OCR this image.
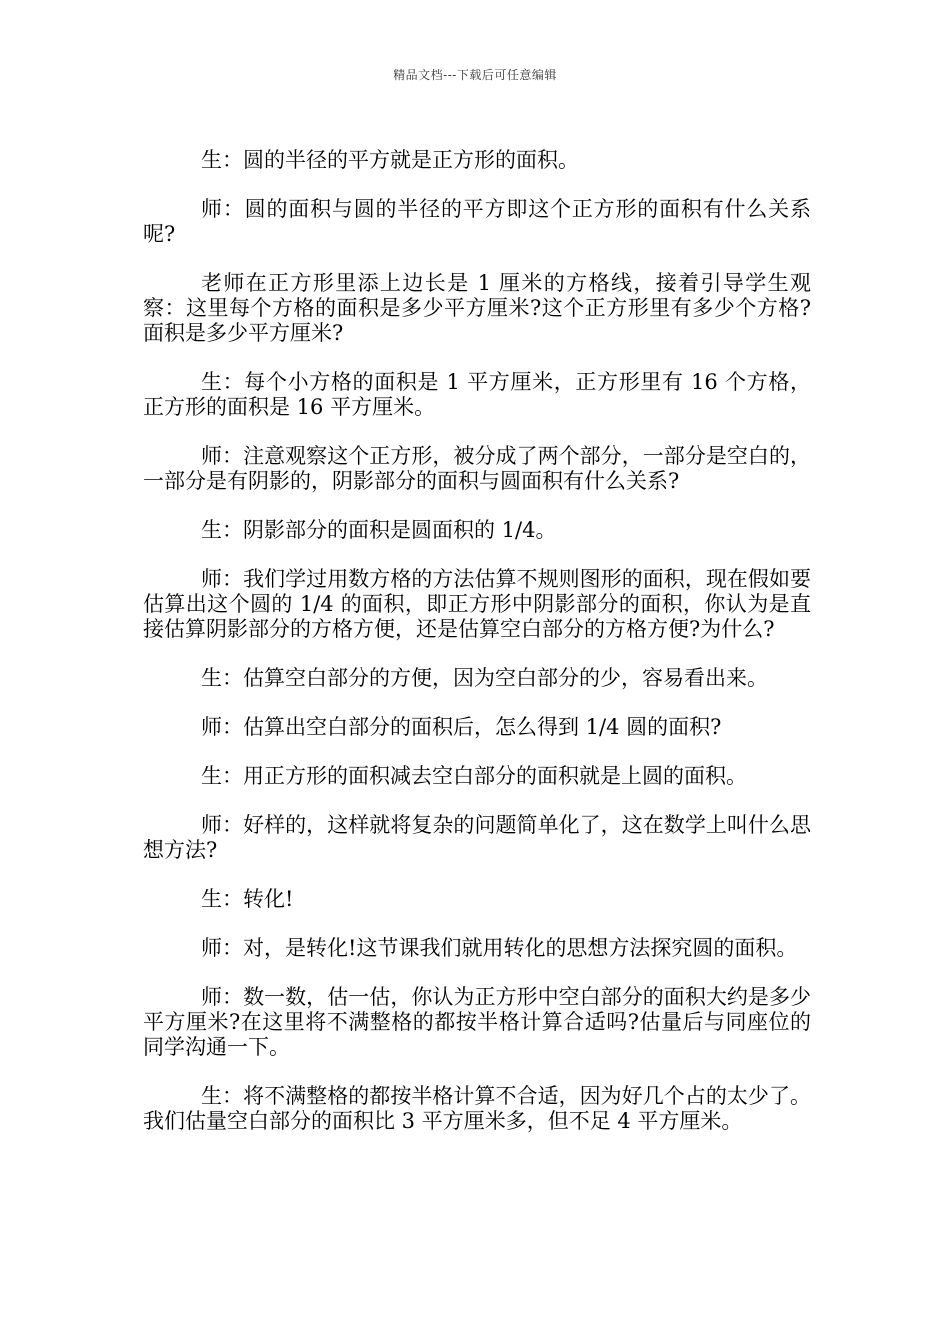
精品文档---下载后可任意编辑

生：圆的半径的平方就是正方形的面积。

师：圆的面积与圆的半径的平方即这个正方形的面积有什么关系呢?

老师在正方形里添上边长是 1 厘米的方格线，接着引导学生观察：这里每个方格的面积是多少平方厘米?这个正方形里有多少个方格?面积是多少平方厘米?

生：每个小方格的面积是 1 平方厘米，正方形里有 16 个方格，正方形的面积是 16 平方厘米。

师：注意观察这个正方形，被分成了两个部分，一部分是空白的，一部分是有阴影的，阴影部分的面积与圆面积有什么关系?

生：阴影部分的面积是圆面积的 1/4。

师：我们学过用数方格的方法估算不规则图形的面积，现在假如要估算出这个圆的 1/4 的面积，即正方形中阴影部分的面积，你认为是直接估算阴影部分的方格方便，还是估算空白部分的方格方便?为什么?

生：估算空白部分的方便，因为空白部分的少，容易看出来。

师：估算出空白部分的面积后，怎么得到 1/4 圆的面积?

生：用正方形的面积减去空白部分的面积就是上圆的面积。

师：好样的，这样就将复杂的问题简单化了，这在数学上叫什么思想方法?

生：转化!

师：对，是转化!这节课我们就用转化的思想方法探究圆的面积。

师：数一数，估一估，你认为正方形中空白部分的面积大约是多少平方厘米?在这里将不满整格的都按半格计算合适吗?估量后与同座位的同学沟通一下。

生：将不满整格的都按半格计算不合适，因为好几个占的太少了。我们估量空白部分的面积比 3 平方厘米多，但不足 4 平方厘米。
